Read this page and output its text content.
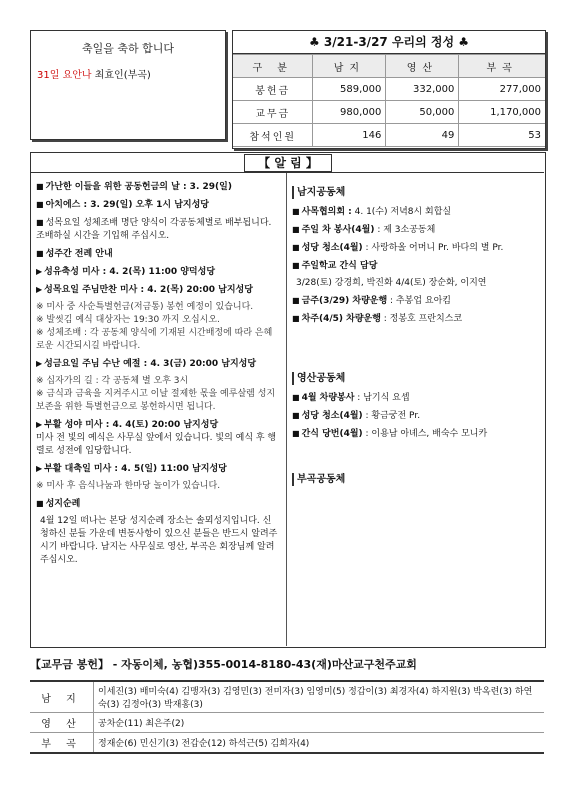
축일을 축하 합니다
31일 요안나 최효인(부곡)
♣ 3/21-3/27 우리의 정성 ♣
구 분	남지	영산	부곡
봉헌금	589,000	332,000	277,000
교무금	980,000	50,000	1,170,000
참석인원	146	49	53
【 알 림 】
■ 가난한 이들을 위한 공동헌금의 날 : 3. 29(일)
■ 아치에스 : 3. 29(일) 오후 1시 남지성당
■ 성목요일 성체조배 명단 양식이 각공동체별로 배부됩니다. 조배하실 시간을 기입해 주십시오.
■ 성주간 전례 안내
▶ 성유축성 미사 : 4. 2(목) 11:00 양덕성당
▶ 성목요일 주님만찬 미사 : 4. 2(목) 20:00 남지성당
※ 미사 중 사순특별헌금(저금통) 봉헌 예정이 있습니다.
※ 발씻김 예식 대상자는 19:30 까지 오십시오.
※ 성체조배 : 각 공동체 양식에 기재된 시간배정에 따라 은혜로운 시간되시길 바랍니다.
▶ 성금요일 주님 수난 예절 : 4. 3(금) 20:00 남지성당
※ 십자가의 길 : 각 공동체 별 오후 3시
※ 금식과 금육을 지켜주시고 이날 절제한 몫을 예루살렘 성지보존을 위한 특별헌금으로 봉헌하시면 됩니다.
▶ 부활 성야 미사 : 4. 4(토) 20:00 남지성당
미사 전 빛의 예식은 사무실 앞에서 있습니다. 빛의 예식 후 행렬로 성전에 입당합니다.
▶ 부활 대축일 미사 : 4. 5(일) 11:00 남지성당
※ 미사 후 음식나눔과 한마당 놀이가 있습니다.
■ 성지순례
4월 12일 떠나는 본당 성지순례 장소는 솔뫼성지입니다. 신청하신 분들 가운데 변동사항이 있으신 분들은 반드시 알려주시기 바랍니다. 남지는 사무실로 영산, 부곡은 회장님께 알려주십시오.
남지공동체
■ 사목협의회 : 4. 1(수) 저녁8시 회합실
■ 주일 차 봉사(4월) : 제 3소공동체
■ 성당 청소(4월) : 사랑하올 어머니 Pr. 바다의 별 Pr.
■ 주일학교 간식 담당
3/28(토) 강경희, 박진화 4/4(토) 장순화, 이지연
■ 금주(3/29) 차량운행 : 추봉업 요아킴
■ 차주(4/5) 차량운행 : 정봉호 프란치스코
영산공동체
■ 4월 차량봉사 : 남기식 요셉
■ 성당 청소(4월) : 황금궁전 Pr.
■ 간식 당번(4월) : 이용남 아녜스, 배숙수 모니카
부곡공동체
【교무금 봉헌】 - 자동이체, 농협)355-0014-8180-43(재)마산교구천주교회
남 지	이세진(3) 배미숙(4) 김맹자(3) 김영민(3) 전미자(3) 임영미(5) 정갑이(3) 최경자(4) 하지원(3) 박옥련(3) 하연숙(3) 김정아(3) 박재홍(3)
영 산	공차순(11) 최은주(2)
부 곡	정재순(6) 민신기(3) 전갑순(12) 하석근(5) 김희자(4)
